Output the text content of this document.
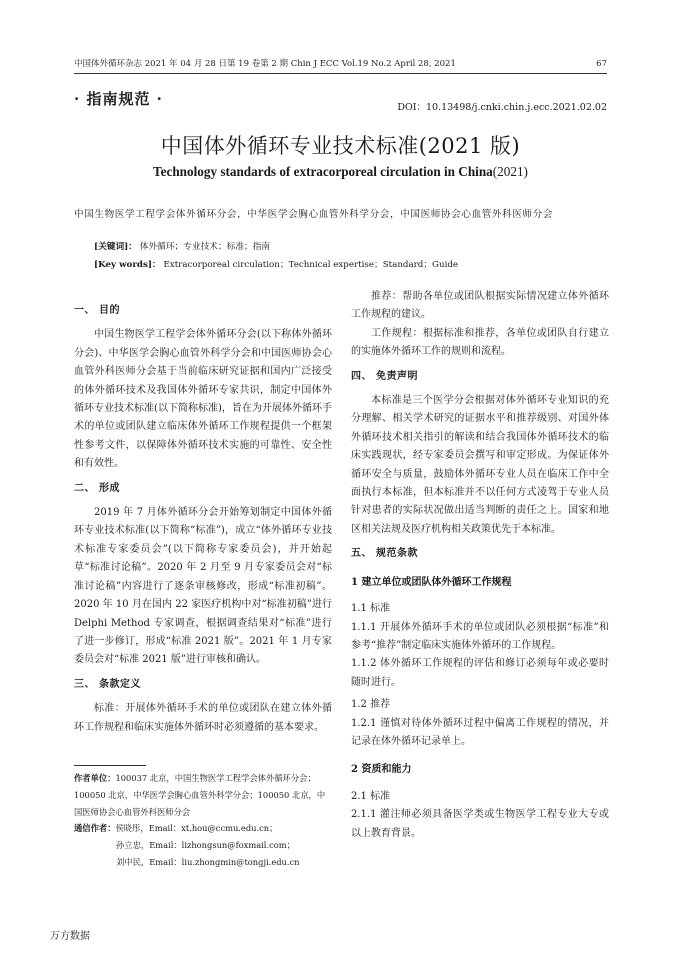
中国体外循环杂志 2021 年 04 月 28 日第 19 卷第 2 期 Chin J ECC Vol.19 No.2 April 28, 2021	67
· 指南规范 ·	DOI：10.13498/j.cnki.chin.j.ecc.2021.02.02
中国体外循环专业技术标准(2021 版)
Technology standards of extracorporeal circulation in China(2021)
中国生物医学工程学会体外循环分会，中华医学会胸心血管外科学分会，中国医师协会心血管外科医师分会
[关键词]： 体外循环；专业技术；标准；指南
[Key words]： Extracorporeal circulation；Technical expertise；Standard；Guide
一、 目的

中国生物医学工程学会体外循环分会(以下称体外循环分会)、中华医学会胸心血管外科学分会和中国医师协会心血管外科医师分会基于当前临床研究证据和国内广泛接受的体外循环技术及我国体外循环专家共识，制定中国体外循环专业技术标准(以下简称标准)，旨在为开展体外循环手术的单位或团队建立临床体外循环工作规程提供一个框架性参考文件，以保障体外循环技术实施的可靠性、安全性和有效性。

二、 形成

2019 年 7 月体外循环分会开始筹划制定中国体外循环专业技术标准(以下简称“标准”)，成立“体外循环专业技术标准专家委员会”(以下简称专家委员会)，并开始起草“标准讨论稿”。2020 年 2 月至 9 月专家委员会对“标准讨论稿”内容进行了逐条审核修改，形成“标准初稿”。2020 年 10 月在国内 22 家医疗机构中对“标准初稿”进行 Delphi Method 专家调查，根据调查结果对“标准”进行了进一步修订，形成“标准 2021 版”。2021 年 1 月专家委员会对“标准 2021 版”进行审核和确认。

三、 条款定义

标准：开展体外循环手术的单位或团队在建立体外循环工作规程和临床实施体外循环时必须遵循的基本要求。

作者单位：100037 北京，中国生物医学工程学会体外循环分会；100050 北京，中华医学会胸心血管外科学分会；100050 北京，中国医师协会心血管外科医师分会
通信作者：侯晓彤，Email：xt.hou@ccmu.edu.cn；
孙立忠，Email：lizhongsun@foxmail.com；
刘中民，Email：liu.zhongmin@tongji.edu.cn

推荐：帮助各单位或团队根据实际情况建立体外循环工作规程的建议。

工作规程：根据标准和推荐，各单位或团队自行建立的实施体外循环工作的规则和流程。

四、 免责声明

本标准是三个医学分会根据对体外循环专业知识的充分理解、相关学术研究的证据水平和推荐级别、对国外体外循环技术相关指引的解读和结合我国体外循环技术的临床实践现状，经专家委员会撰写和审定形成。为保证体外循环安全与质量，鼓励体外循环专业人员在临床工作中全面执行本标准，但本标准并不以任何方式凌驾于专业人员针对患者的实际状况做出适当判断的责任之上。国家和地区相关法规及医疗机构相关政策优先于本标准。

五、 规范条款
1 建立单位或团队体外循环工作规程
1.1 标准

1.1.1 开展体外循环手术的单位或团队必须根据“标准”和参考“推荐”制定临床实施体外循环的工作规程。

1.1.2 体外循环工作规程的评估和修订必须每年或必要时随时进行。

1.2 推荐

1.2.1 谨慎对待体外循环过程中偏离工作规程的情况，并记录在体外循环记录单上。

2 资质和能力
2.1 标准

2.1.1 灌注师必须具备医学类或生物医学工程专业大专或以上教育背景。

万方数据
